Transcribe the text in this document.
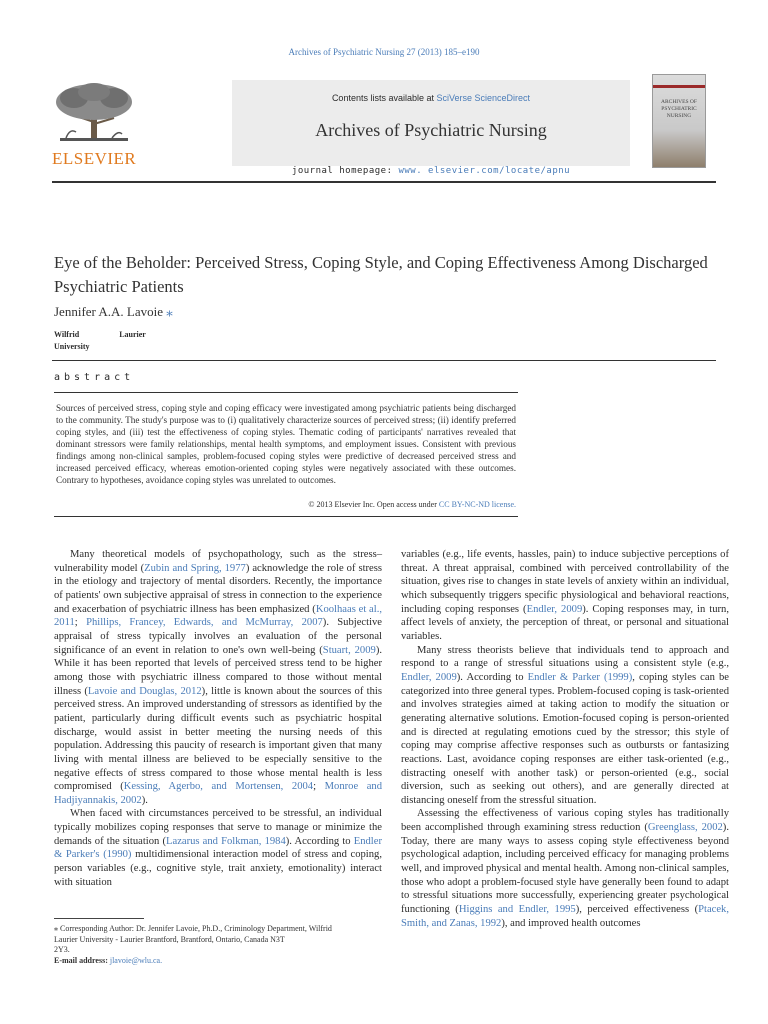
Archives of Psychiatric Nursing 27 (2013) 185–e190
ELSEVIER
Contents lists available at SciVerse ScienceDirect
Archives of Psychiatric Nursing
ARCHIVES OF PSYCHIATRIC NURSING
journal homepage: www. elsevier.com/locate/apnu
Eye of the Beholder: Perceived Stress, Coping Style, and Coping Effectiveness Among Discharged Psychiatric Patients
Jennifer A.A. Lavoie ⁎
Wilfrid	Laurier
University
abstract
Sources of perceived stress, coping style and coping efficacy were investigated among psychiatric patients being discharged to the community. The study's purpose was to (i) qualitatively characterize sources of perceived stress; (ii) identify preferred coping styles, and (iii) test the effectiveness of coping styles. Thematic coding of participants' narratives revealed that dominant stressors were family relationships, mental health symptoms, and employment issues. Consistent with previous findings among non-clinical samples, problem-focused coping styles were predictive of decreased perceived stress and increased perceived efficacy, whereas emotion-oriented coping styles were negatively associated with these outcomes. Contrary to hypotheses, avoidance coping styles was unrelated to outcomes.
© 2013 Elsevier Inc. Open access under CC BY-NC-ND license.

Many theoretical models of psychopathology, such as the stress–vulnerability model (Zubin and Spring, 1977) acknowledge the role of stress in the etiology and trajectory of mental disorders. Recently, the importance of patients' own subjective appraisal of stress in connection to the experience and exacerbation of psychiatric illness has been emphasized (Koolhaas et al., 2011; Phillips, Francey, Edwards, and McMurray, 2007). Subjective appraisal of stress typically involves an evaluation of the personal significance of an event in relation to one's own well-being (Stuart, 2009). While it has been reported that levels of perceived stress tend to be higher among those with psychiatric illness compared to those without mental illness (Lavoie and Douglas, 2012), little is known about the sources of this perceived stress. An improved understanding of stressors as identified by the patient, particularly during difficult events such as psychiatric hospital discharge, would assist in better meeting the nursing needs of this population. Addressing this paucity of research is important given that many living with mental illness are believed to be especially sensitive to the negative effects of stress compared to those whose mental health is less compromised (Kessing, Agerbo, and Mortensen, 2004; Monroe and Hadjiyannakis, 2002).

When faced with circumstances perceived to be stressful, an individual typically mobilizes coping responses that serve to manage or minimize the demands of the situation (Lazarus and Folkman, 1984). According to Endler & Parker's (1990) multidimensional interaction model of stress and coping, person variables (e.g., cognitive style, trait anxiety, emotionality) interact with situation

variables (e.g., life events, hassles, pain) to induce subjective perceptions of threat. A threat appraisal, combined with perceived controllability of the situation, gives rise to changes in state levels of anxiety within an individual, which subsequently triggers specific physiological and behavioral reactions, including coping responses (Endler, 2009). Coping responses may, in turn, affect levels of anxiety, the perception of threat, or personal and situational variables.

Many stress theorists believe that individuals tend to approach and respond to a range of stressful situations using a consistent style (e.g., Endler, 2009). According to Endler & Parker (1999), coping styles can be categorized into three general types. Problem-focused coping is task-oriented and involves strategies aimed at taking action to modify the situation or generating alternative solutions. Emotion-focused coping is person-oriented and is directed at regulating emotions cued by the stressor; this style of coping may comprise affective responses such as outbursts or fantasizing reactions. Last, avoidance coping responses are either task-oriented (e.g., distracting oneself with another task) or person-oriented (e.g., social diversion, such as seeking out others), and are generally directed at distancing oneself from the stressful situation.

Assessing the effectiveness of various coping styles has traditionally been accomplished through examining stress reduction (Greenglass, 2002). Today, there are many ways to assess coping style effectiveness beyond psychological adaption, including perceived efficacy for managing problems well, and improved physical and mental health. Among non-clinical samples, those who adopt a problem-focused style have generally been found to adapt to stressful situations more successfully, experiencing greater psychological functioning (Higgins and Endler, 1995), perceived effectiveness (Ptacek, Smith, and Zanas, 1992), and improved health outcomes

⁎ Corresponding Author: Dr. Jennifer Lavoie, Ph.D., Criminology Department, Wilfrid
Laurier University - Laurier Brantford, Brantford, Ontario, Canada N3T
2Y3.
E-mail address: jlavoie@wlu.ca.
